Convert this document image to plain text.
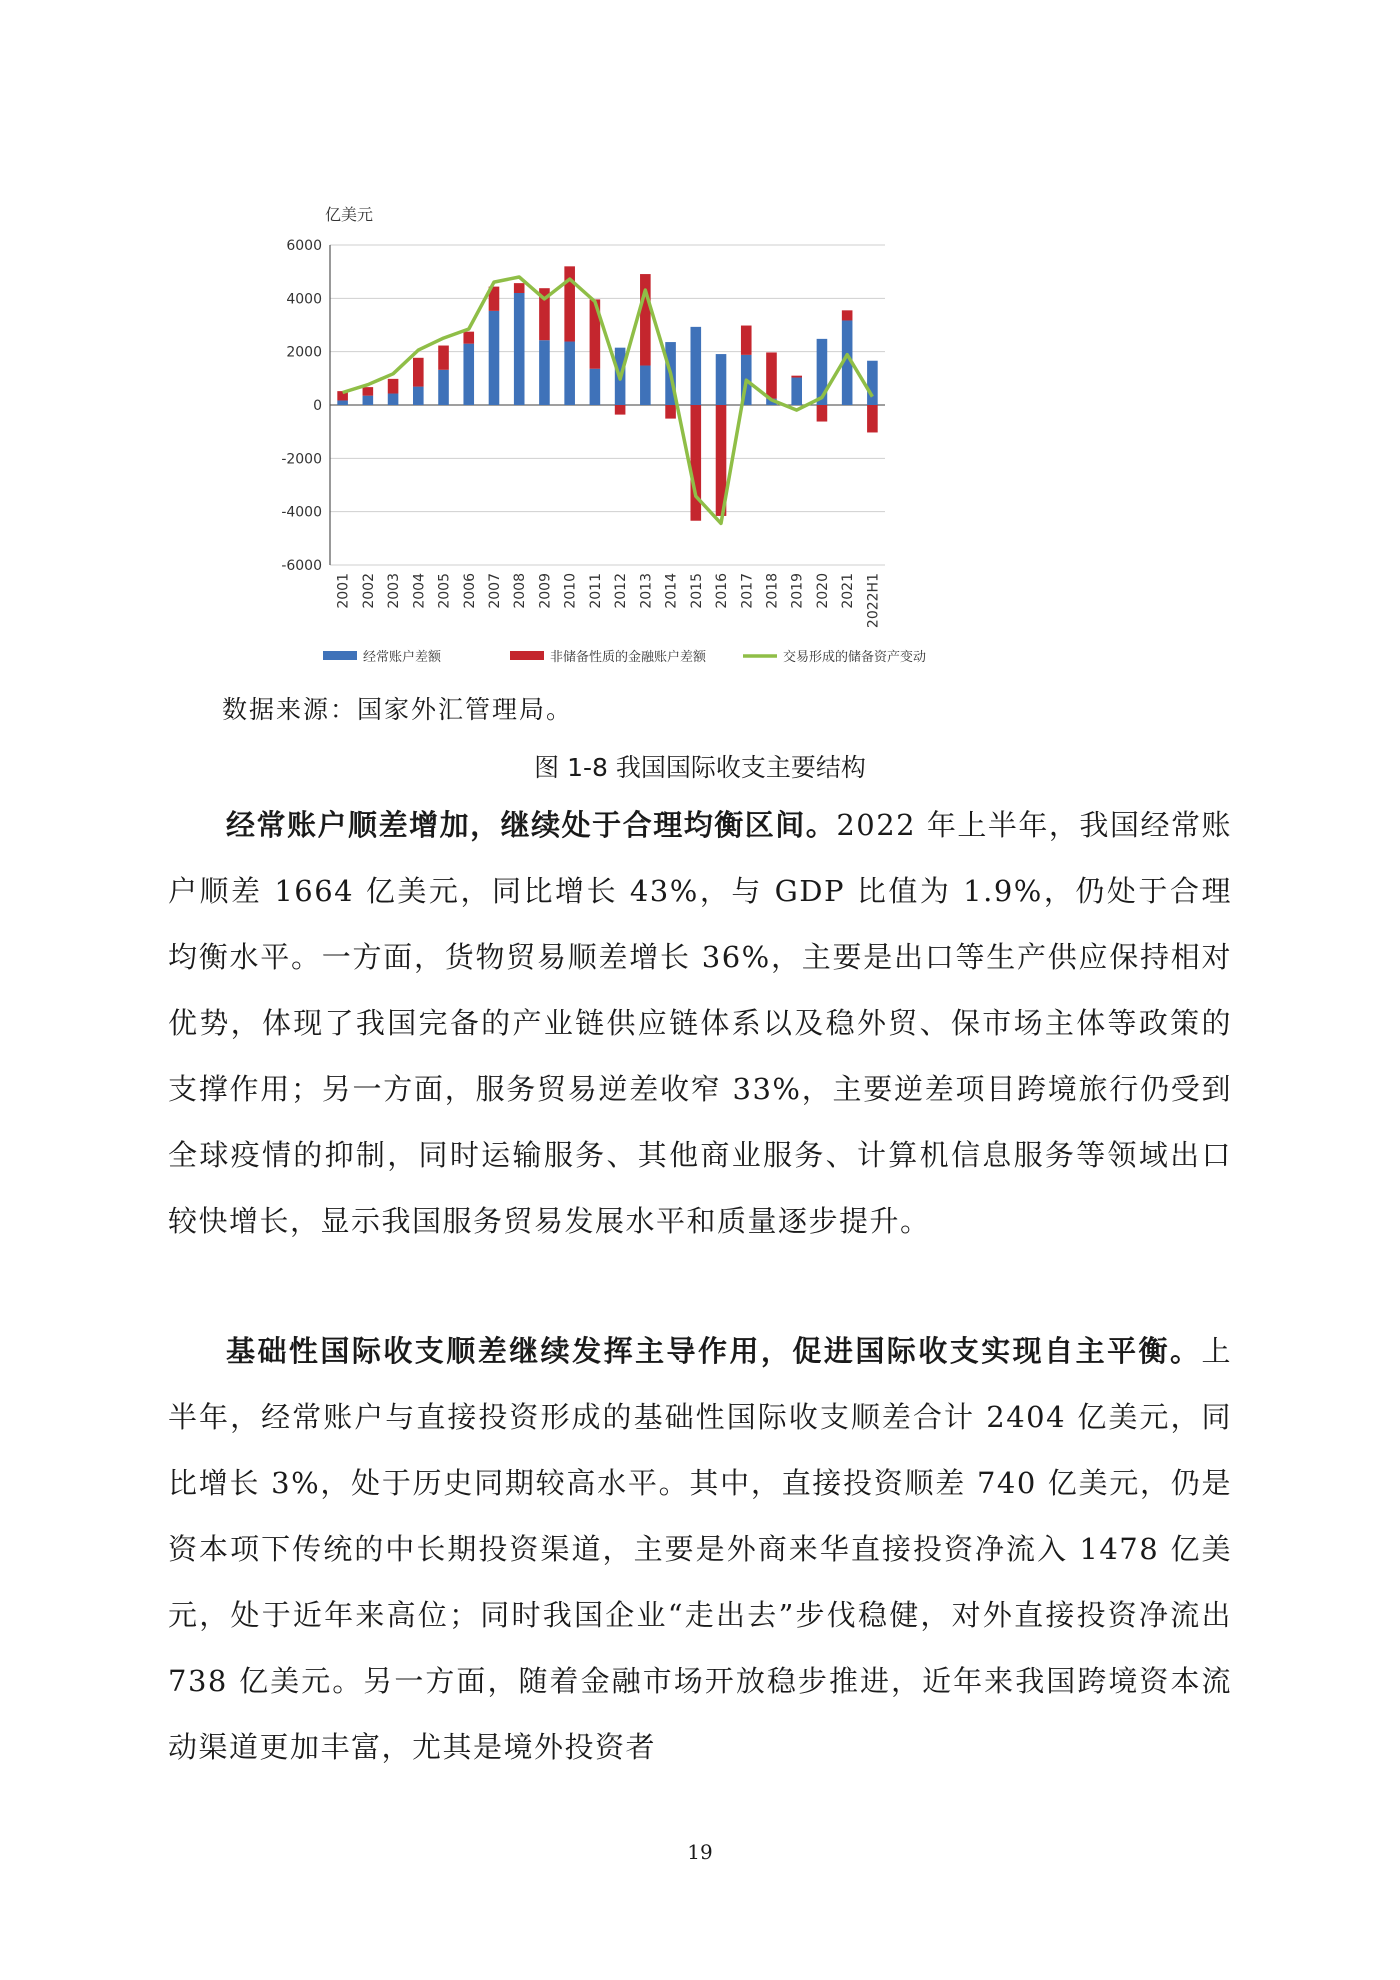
亿美元
6000
4000
2000
0
-2000
-4000
-6000
2001 2002 2003 2004 2005 2006 2007 2008 2009 2010 2011 2012 2013 2014 2015 2016 2017 2018 2019 2020 2021 2022H1
经常账户差额	非储备性质的金融账户差额	交易形成的储备资产变动
数据来源：国家外汇管理局。
图 1-8 我国国际收支主要结构

经常账户顺差增加，继续处于合理均衡区间。2022 年上半年，我国经常账户顺差 1664 亿美元，同比增长 43%，与 GDP 比值为 1.9%，仍处于合理均衡水平。一方面，货物贸易顺差增长 36%，主要是出口等生产供应保持相对优势，体现了我国完备的产业链供应链体系以及稳外贸、保市场主体等政策的支撑作用；另一方面，服务贸易逆差收窄 33%，主要逆差项目跨境旅行仍受到全球疫情的抑制，同时运输服务、其他商业服务、计算机信息服务等领域出口较快增长，显示我国服务贸易发展水平和质量逐步提升。

基础性国际收支顺差继续发挥主导作用，促进国际收支实现自主平衡。上半年，经常账户与直接投资形成的基础性国际收支顺差合计 2404 亿美元，同比增长 3%，处于历史同期较高水平。其中，直接投资顺差 740 亿美元，仍是资本项下传统的中长期投资渠道，主要是外商来华直接投资净流入 1478 亿美元，处于近年来高位；同时我国企业“走出去”步伐稳健，对外直接投资净流出 738 亿美元。另一方面，随着金融市场开放稳步推进，近年来我国跨境资本流动渠道更加丰富，尤其是境外投资者

19
